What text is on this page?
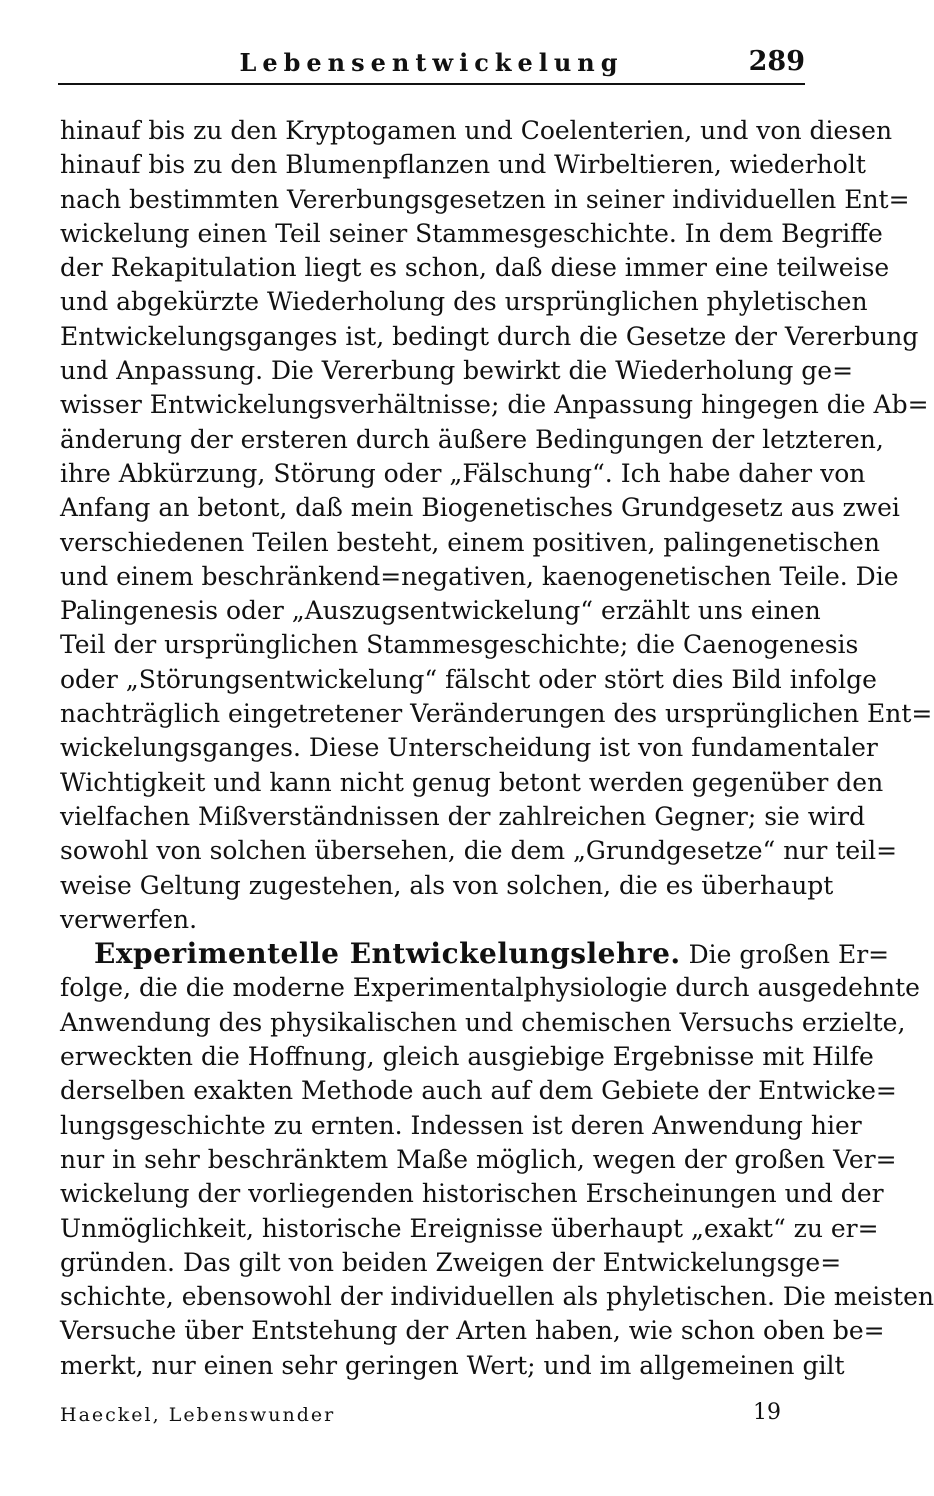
Lebensentwickelung	289
hinauf bis zu den Kryptogamen und Coelenterien, und von diesen
hinauf bis zu den Blumenpflanzen und Wirbeltieren, wiederholt
nach bestimmten Vererbungsgesetzen in seiner individuellen Ent=
wickelung einen Teil seiner Stammesgeschichte. In dem Begriffe
der Rekapitulation liegt es schon, daß diese immer eine teilweise
und abgekürzte Wiederholung des ursprünglichen phyletischen
Entwickelungsganges ist, bedingt durch die Gesetze der Vererbung
und Anpassung. Die Vererbung bewirkt die Wiederholung ge=
wisser Entwickelungsverhältnisse; die Anpassung hingegen die Ab=
änderung der ersteren durch äußere Bedingungen der letzteren,
ihre Abkürzung, Störung oder „Fälschung“. Ich habe daher von
Anfang an betont, daß mein Biogenetisches Grundgesetz aus zwei
verschiedenen Teilen besteht, einem positiven, palingenetischen
und einem beschränkend=negativen, kaenogenetischen Teile. Die
Palingenesis oder „Auszugsentwickelung“ erzählt uns einen
Teil der ursprünglichen Stammesgeschichte; die Caenogenesis
oder „Störungsentwickelung“ fälscht oder stört dies Bild infolge
nachträglich eingetretener Veränderungen des ursprünglichen Ent=
wickelungsganges. Diese Unterscheidung ist von fundamentaler
Wichtigkeit und kann nicht genug betont werden gegenüber den
vielfachen Mißverständnissen der zahlreichen Gegner; sie wird
sowohl von solchen übersehen, die dem „Grundgesetze“ nur teil=
weise Geltung zugestehen, als von solchen, die es überhaupt
verwerfen.
Experimentelle Entwickelungslehre. Die großen Er=
folge, die die moderne Experimentalphysiologie durch ausgedehnte
Anwendung des physikalischen und chemischen Versuchs erzielte,
erweckten die Hoffnung, gleich ausgiebige Ergebnisse mit Hilfe
derselben exakten Methode auch auf dem Gebiete der Entwicke=
lungsgeschichte zu ernten. Indessen ist deren Anwendung hier
nur in sehr beschränktem Maße möglich, wegen der großen Ver=
wickelung der vorliegenden historischen Erscheinungen und der
Unmöglichkeit, historische Ereignisse überhaupt „exakt“ zu er=
gründen. Das gilt von beiden Zweigen der Entwickelungsge=
schichte, ebensowohl der individuellen als phyletischen. Die meisten
Versuche über Entstehung der Arten haben, wie schon oben be=
merkt, nur einen sehr geringen Wert; und im allgemeinen gilt
Haeckel, Lebenswunder	19
